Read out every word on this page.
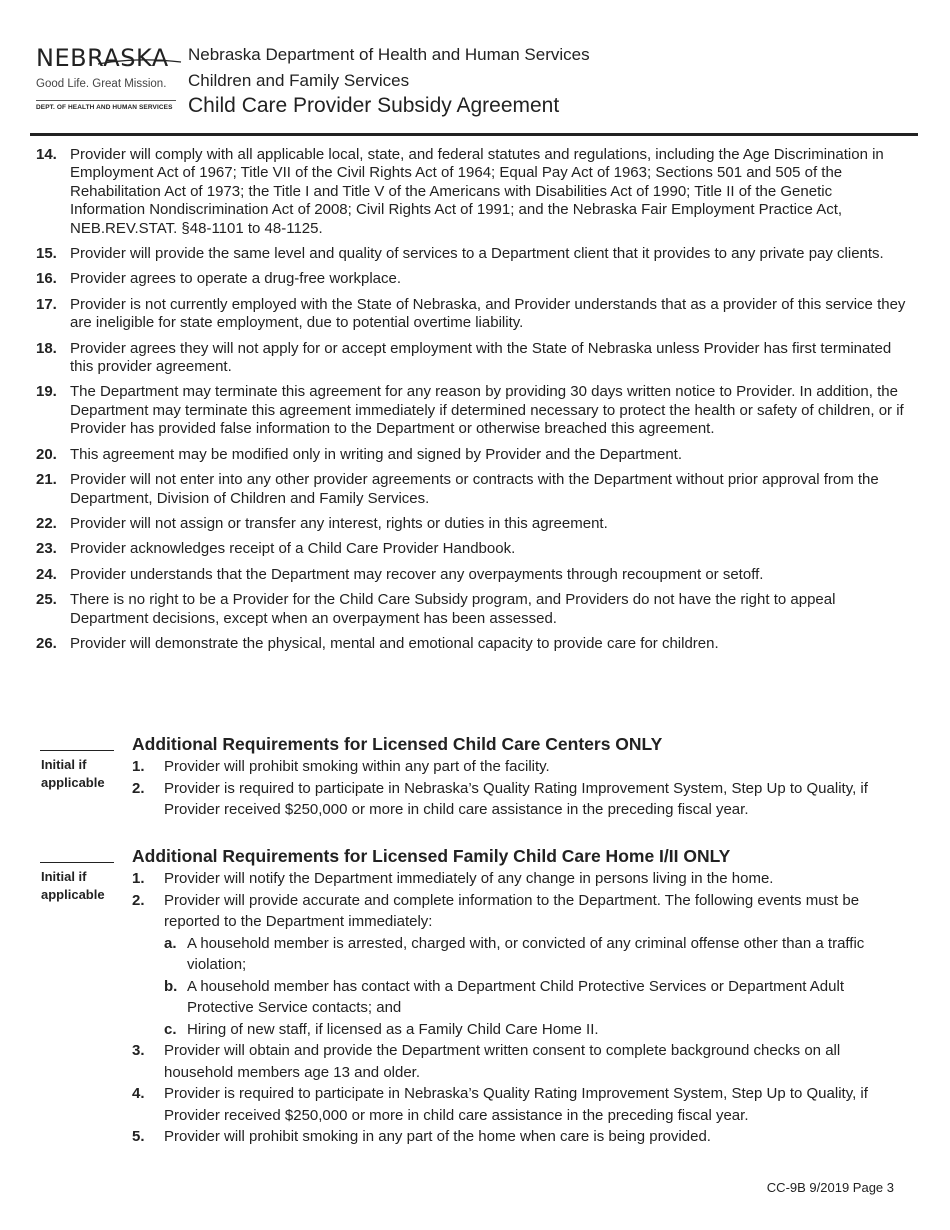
NEBRASKA
Good Life. Great Mission.
DEPT. OF HEALTH AND HUMAN SERVICES
Nebraska Department of Health and Human Services
Children and Family Services
Child Care Provider Subsidy Agreement
14. Provider will comply with all applicable local, state, and federal statutes and regulations, including the Age Discrimination in Employment Act of 1967; Title VII of the Civil Rights Act of 1964; Equal Pay Act of 1963; Sections 501 and 505 of the Rehabilitation Act of 1973; the Title I and Title V of the Americans with Disabilities Act of 1990; Title II of the Genetic Information Nondiscrimination Act of 2008; Civil Rights Act of 1991; and the Nebraska Fair Employment Practice Act, NEB.REV.STAT. §48-1101 to 48-1125.
15. Provider will provide the same level and quality of services to a Department client that it provides to any private pay clients.
16. Provider agrees to operate a drug-free workplace.
17. Provider is not currently employed with the State of Nebraska, and Provider understands that as a provider of this service they are ineligible for state employment, due to potential overtime liability.
18. Provider agrees they will not apply for or accept employment with the State of Nebraska unless Provider has first terminated this provider agreement.
19. The Department may terminate this agreement for any reason by providing 30 days written notice to Provider. In addition, the Department may terminate this agreement immediately if determined necessary to protect the health or safety of children, or if Provider has provided false information to the Department or otherwise breached this agreement.
20. This agreement may be modified only in writing and signed by Provider and the Department.
21. Provider will not enter into any other provider agreements or contracts with the Department without prior approval from the Department, Division of Children and Family Services.
22. Provider will not assign or transfer any interest, rights or duties in this agreement.
23. Provider acknowledges receipt of a Child Care Provider Handbook.
24. Provider understands that the Department may recover any overpayments through recoupment or setoff.
25. There is no right to be a Provider for the Child Care Subsidy program, and Providers do not have the right to appeal Department decisions, except when an overpayment has been assessed.
26. Provider will demonstrate the physical, mental and emotional capacity to provide care for children.
Initial if applicable
Additional Requirements for Licensed Child Care Centers ONLY
1. Provider will prohibit smoking within any part of the facility.
2. Provider is required to participate in Nebraska’s Quality Rating Improvement System, Step Up to Quality, if Provider received $250,000 or more in child care assistance in the preceding fiscal year.
Initial if applicable
Additional Requirements for Licensed Family Child Care Home I/II ONLY
1. Provider will notify the Department immediately of any change in persons living in the home.
2. Provider will provide accurate and complete information to the Department. The following events must be reported to the Department immediately:
a. A household member is arrested, charged with, or convicted of any criminal offense other than a traffic violation;
b. A household member has contact with a Department Child Protective Services or Department Adult Protective Service contacts; and
c. Hiring of new staff, if licensed as a Family Child Care Home II.
3. Provider will obtain and provide the Department written consent to complete background checks on all household members age 13 and older.
4. Provider is required to participate in Nebraska’s Quality Rating Improvement System, Step Up to Quality, if Provider received $250,000 or more in child care assistance in the preceding fiscal year.
5. Provider will prohibit smoking in any part of the home when care is being provided.
CC-9B 9/2019 Page 3
